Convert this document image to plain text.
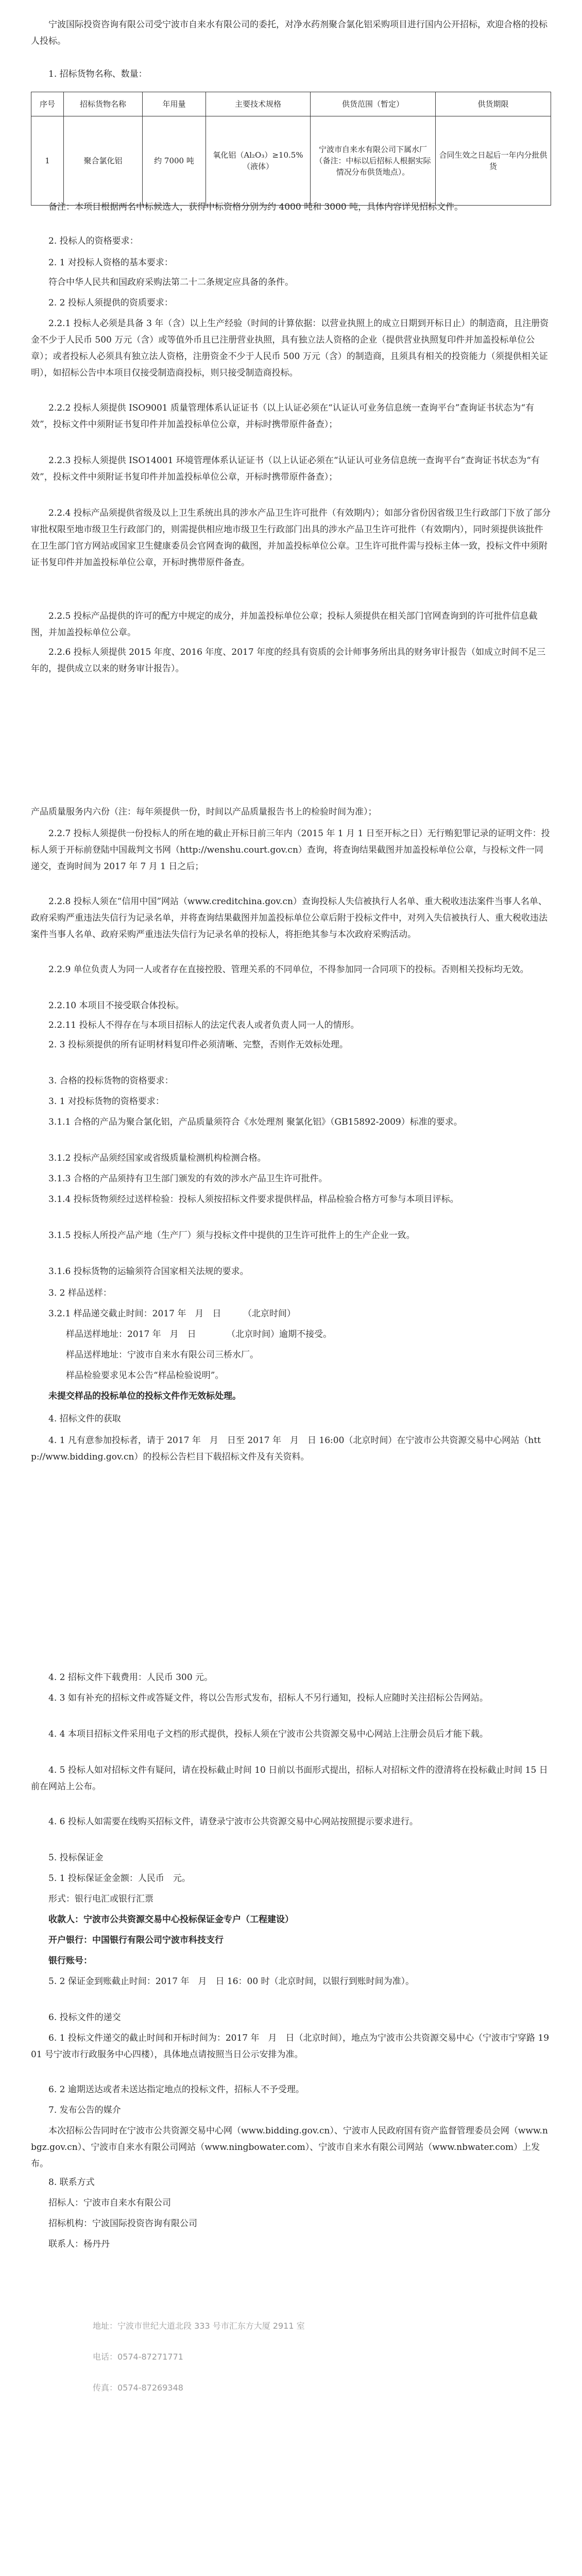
宁波国际投资咨询有限公司受宁波市自来水有限公司的委托，对净水药剂聚合氯化铝采购项目进行国内公开招标，欢迎合格的投标人投标。

1. 招标货物名称、数量：

序号	招标货物名称	年用量	主要技术规格	供货范围（暂定）	供货期限
1	聚合氯化铝	约 7000 吨	氧化铝（Al₂O₃）≥10.5%（液体）	宁波市自来水有限公司下属水厂（备注：中标以后招标人根据实际情况分布供货地点）。	合同生效之日起后一年内分批供货

备注：本项目根据两名中标候选人，获得中标资格分别为约 4000 吨和 3000 吨，具体内容详见招标文件。

2. 投标人的资格要求：

2. 1 对投标人资格的基本要求：

符合中华人民共和国政府采购法第二十二条规定应具备的条件。

2. 2 投标人须提供的资质要求：

2.2.1 投标人必须是具备 3 年（含）以上生产经验（时间的计算依据：以营业执照上的成立日期到开标日止）的制造商，且注册资金不少于人民币 500 万元（含）或等值外币且已注册营业执照，具有独立法人资格的企业（提供营业执照复印件并加盖投标单位公章）；或者投标人必须具有独立法人资格，注册资金不少于人民币 500 万元（含）的制造商，且须具有相关的投资能力（须提供相关证明），如招标公告中本项目仅接受制造商投标，则只接受制造商投标。

2.2.2 投标人须提供 ISO9001 质量管理体系认证证书（以上认证必须在“认证认可业务信息统一查询平台”查询证书状态为“有效”，投标文件中须附证书复印件并加盖投标单位公章，并标时携带原件备查）；

2.2.3 投标人须提供 ISO14001 环境管理体系认证证书（以上认证必须在“认证认可业务信息统一查询平台”查询证书状态为“有效”，投标文件中须附证书复印件并加盖投标单位公章，开标时携带原件备查）；

2.2.4 投标产品须提供省级及以上卫生系统出具的涉水产品卫生许可批件（有效期内）；如部分省份因省级卫生行政部门下放了部分审批权限至地市级卫生行政部门的，则需提供相应地市级卫生行政部门出具的涉水产品卫生许可批件（有效期内），同时须提供该批件在卫生部门官方网站或国家卫生健康委员会官网查询的截图，并加盖投标单位公章。卫生许可批件需与投标主体一致，投标文件中须附证书复印件并加盖投标单位公章，开标时携带原件备查。

2.2.5 投标产品提供的许可的配方中规定的成分，并加盖投标单位公章；投标人须提供在相关部门官网查询到的许可批件信息截图，并加盖投标单位公章。

2.2.6 投标人须提供 2015 年度、2016 年度、2017 年度的经具有资质的会计师事务所出具的财务审计报告（如成立时间不足三年的，提供成立以来的财务审计报告）。

产品质量服务内六份（注：每年须提供一份，时间以产品质量报告书上的检验时间为准）；

2.2.7 投标人须提供一份投标人的所在地的截止开标日前三年内（2015 年 1 月 1 日至开标之日）无行贿犯罪记录的证明文件：投标人须于开标前登陆中国裁判文书网（http://wenshu.court.gov.cn）查询，将查询结果截图并加盖投标单位公章，与投标文件一同递交，查询时间为 2017 年 7 月 1 日之后；

2.2.8 投标人须在“信用中国”网站（www.creditchina.gov.cn）查询投标人失信被执行人名单、重大税收违法案件当事人名单、政府采购严重违法失信行为记录名单，并将查询结果截图并加盖投标单位公章后附于投标文件中，对列入失信被执行人、重大税收违法案件当事人名单、政府采购严重违法失信行为记录名单的投标人，将拒绝其参与本次政府采购活动。

2.2.9 单位负责人为同一人或者存在直接控股、管理关系的不同单位，不得参加同一合同项下的投标。否则相关投标均无效。

2.2.10 本项目不接受联合体投标。

2.2.11 投标人不得存在与本项目招标人的法定代表人或者负责人同一人的情形。

2. 3 投标须提供的所有证明材料复印件必须清晰、完整，否则作无效标处理。

3. 合格的投标货物的资格要求：

3. 1 对投标货物的资格要求：

3.1.1 合格的产品为聚合氯化铝，产品质量须符合《水处理剂 聚氯化铝》（GB15892-2009）标准的要求。

3.1.2 投标产品须经国家或省级质量检测机构检测合格。

3.1.3 合格的产品须持有卫生部门颁发的有效的涉水产品卫生许可批件。

3.1.4 投标货物须经过送样检验：投标人须按招标文件要求提供样品，样品检验合格方可参与本项目评标。

3.1.5 投标人所投产品产地（生产厂）须与投标文件中提供的卫生许可批件上的生产企业一致。

3.1.6 投标货物的运输须符合国家相关法规的要求。

3. 2 样品送样：

3.2.1 样品递交截止时间：2017 年　月　日　　　（北京时间）

样品送样地址：2017 年　月　日　　　　（北京时间）逾期不接受。

样品送样地址：宁波市自来水有限公司三桥水厂。

样品检验要求见本公告“样品检验说明”。

未提交样品的投标单位的投标文件作无效标处理。

4. 招标文件的获取

4. 1 凡有意参加投标者，请于 2017 年　月　日至 2017 年　月　日 16:00（北京时间）在宁波市公共资源交易中心网站（http://www.bidding.gov.cn）的投标公告栏目下载招标文件及有关资料。

4. 2 招标文件下载费用：人民币 300 元。

4. 3 如有补充的招标文件或答疑文件，将以公告形式发布，招标人不另行通知，投标人应随时关注招标公告网站。

4. 4 本项目招标文件采用电子文档的形式提供，投标人须在宁波市公共资源交易中心网站上注册会员后才能下载。

4. 5 投标人如对招标文件有疑问，请在投标截止时间 10 日前以书面形式提出，招标人对招标文件的澄清将在投标截止时间 15 日前在网站上公布。

4. 6 投标人如需要在线购买招标文件，请登录宁波市公共资源交易中心网站按照提示要求进行。

5. 投标保证金

5. 1 投标保证金金额：人民币　元。

形式：银行电汇或银行汇票

收款人：宁波市公共资源交易中心投标保证金专户（工程建设）

开户银行：中国银行有限公司宁波市科技支行

银行账号：

5. 2 保证金到账截止时间：2017 年　月　日 16：00 时（北京时间，以银行到账时间为准）。

6. 投标文件的递交

6. 1 投标文件递交的截止时间和开标时间为：2017 年　月　日（北京时间），地点为宁波市公共资源交易中心（宁波市宁穿路 1901 号宁波市行政服务中心四楼），具体地点请按照当日公示安排为准。

6. 2 逾期送达或者未送达指定地点的投标文件，招标人不予受理。

7. 发布公告的媒介

本次招标公告同时在宁波市公共资源交易中心网（www.bidding.gov.cn）、宁波市人民政府国有资产监督管理委员会网（www.nbgz.gov.cn）、宁波市自来水有限公司网站（www.ningbowater.com）、宁波市自来水有限公司网站（www.nbwater.com）上发布。

8. 联系方式

招标人：宁波市自来水有限公司

招标机构：宁波国际投资咨询有限公司

联系人：杨丹丹

地址：宁波市世纪大道北段 333 号市汇东方大厦 2911 室
电话：0574-87271771
传真：0574-87269348
